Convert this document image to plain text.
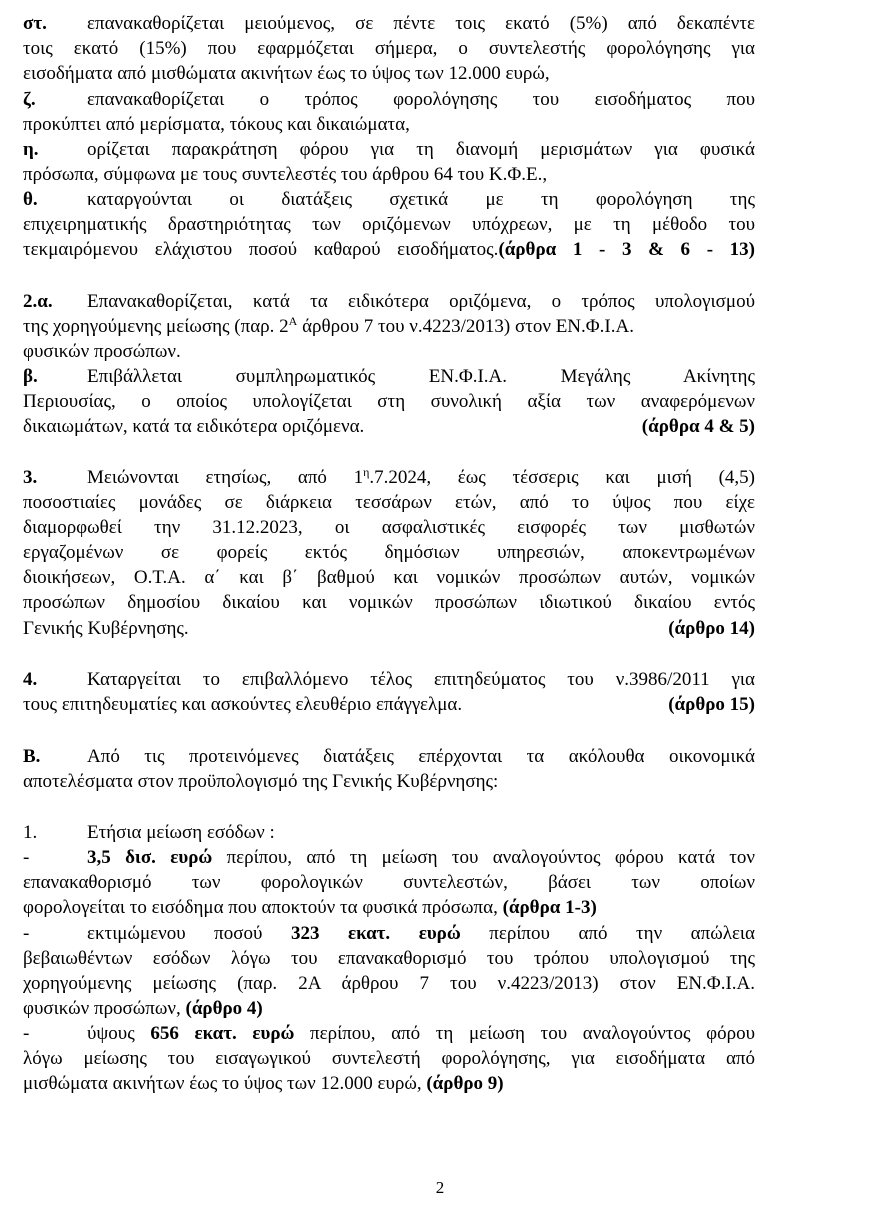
στ. επανακαθορίζεται μειούμενος, σε πέντε τοις εκατό (5%) από δεκαπέντε
τοις εκατό (15%) που εφαρμόζεται σήμερα, ο συντελεστής φορολόγησης για
εισοδήματα από μισθώματα ακινήτων έως το ύψος των 12.000 ευρώ,
ζ.	επανακαθορίζεται ο τρόπος φορολόγησης του εισοδήματος που
προκύπτει από μερίσματα, τόκους και δικαιώματα,
η.	ορίζεται παρακράτηση φόρου για τη διανομή μερισμάτων για φυσικά
πρόσωπα, σύμφωνα με τους συντελεστές του άρθρου 64 του Κ.Φ.Ε.,
θ.	καταργούνται οι διατάξεις σχετικά με τη φορολόγηση της
επιχειρηματικής δραστηριότητας των οριζόμενων υπόχρεων, με τη μέθοδο του
τεκμαιρόμενου ελάχιστου ποσού καθαρού εισοδήματος.(άρθρα 1 - 3 & 6 - 13)
2.α. Επανακαθορίζεται, κατά τα ειδικότερα οριζόμενα, ο τρόπος υπολογισμού
της χορηγούμενης μείωσης (παρ. $2^A$ άρθρου 7 του ν.4223/2013) στον ΕΝ.Φ.Ι.Α.
φυσικών προσώπων.
β.	Επιβάλλεται συμπληρωματικός ΕΝ.Φ.Ι.Α. Μεγάλης Ακίνητης
Περιουσίας, ο οποίος υπολογίζεται στη συνολική αξία των αναφερόμενων
δικαιωμάτων, κατά τα ειδικότερα οριζόμενα.	(άρθρα 4 & 5)
3.	Μειώνονται ετησίως, από $1^\eta.7.2024$, έως τέσσερις και μισή (4,5)
ποσοστιαίες μονάδες σε διάρκεια τεσσάρων ετών, από το ύψος που είχε
διαμορφωθεί την 31.12.2023, οι ασφαλιστικές εισφορές των μισθωτών
εργαζομένων σε φορείς εκτός δημόσιων υπηρεσιών, αποκεντρωμένων
διοικήσεων, Ο.Τ.Α. α΄ και β΄ βαθμού και νομικών προσώπων αυτών, νομικών
προσώπων δημοσίου δικαίου και νομικών προσώπων ιδιωτικού δικαίου εντός
Γενικής Κυβέρνησης.	(άρθρο 14)
4.	Καταργείται το επιβαλλόμενο τέλος επιτηδεύματος του ν.3986/2011 για
τους επιτηδευματίες και ασκούντες ελευθέριο επάγγελμα.	(άρθρο 15)
Β. Από τις προτεινόμενες διατάξεις επέρχονται τα ακόλουθα οικονομικά
αποτελέσματα στον προϋπολογισμό της Γενικής Κυβέρνησης:
1.	Ετήσια μείωση εσόδων :
-	3,5 δισ. ευρώ περίπου, από τη μείωση του αναλογούντος φόρου κατά τον
επανακαθορισμό των φορολογικών συντελεστών, βάσει των οποίων
φορολογείται το εισόδημα που αποκτούν τα φυσικά πρόσωπα, (άρθρα 1-3)
-	εκτιμώμενου ποσού 323 εκατ. ευρώ περίπου από την απώλεια
βεβαιωθέντων εσόδων λόγω του επανακαθορισμό του τρόπου υπολογισμού της
χορηγούμενης μείωσης (παρ. 2Α άρθρου 7 του ν.4223/2013) στον ΕΝ.Φ.Ι.Α.
φυσικών προσώπων, (άρθρο 4)
-	ύψους 656 εκατ. ευρώ περίπου, από τη μείωση του αναλογούντος φόρου
λόγω μείωσης του εισαγωγικού συντελεστή φορολόγησης, για εισοδήματα από
μισθώματα ακινήτων έως το ύψος των 12.000 ευρώ, (άρθρο 9)
2
